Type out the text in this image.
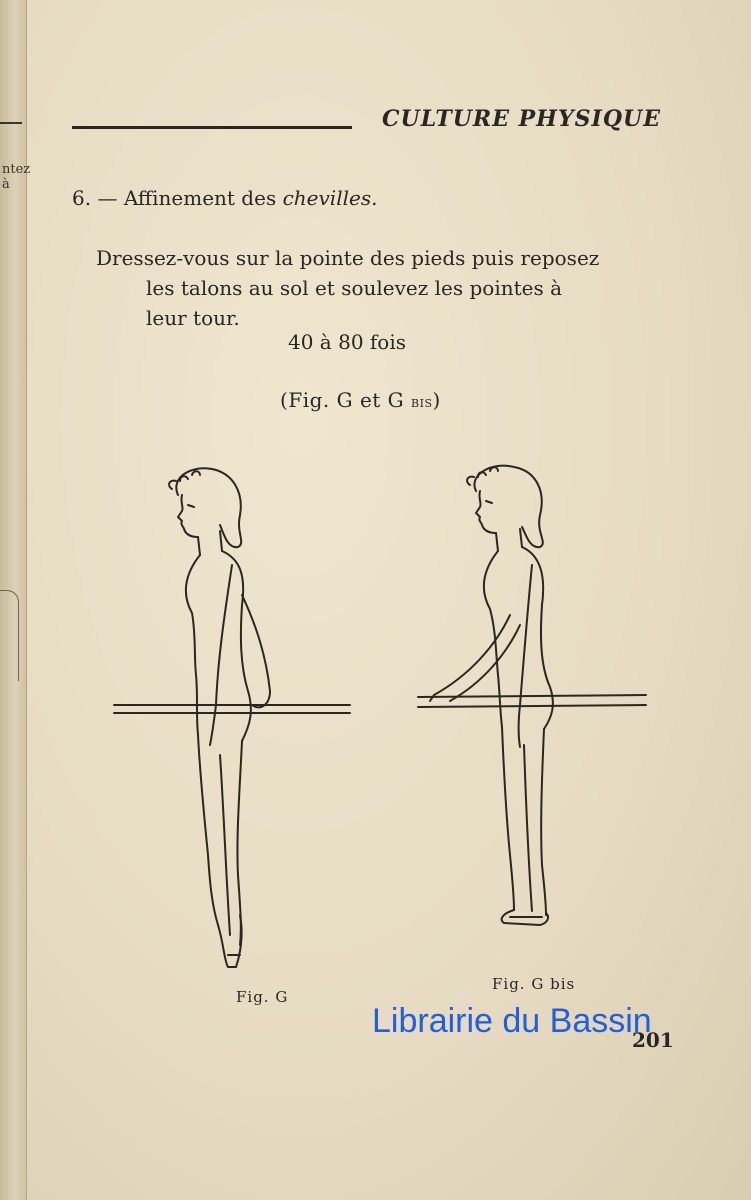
ntez à
CULTURE PHYSIQUE
6. — Affinement des chevilles.
Dressez-vous sur la pointe des pieds puis reposez
les talons au sol et soulevez les pointes à
leur tour.
40 à 80 fois
(Fig. G et G bis)
Fig. G
Fig. G bis
201
Librairie du Bassin
